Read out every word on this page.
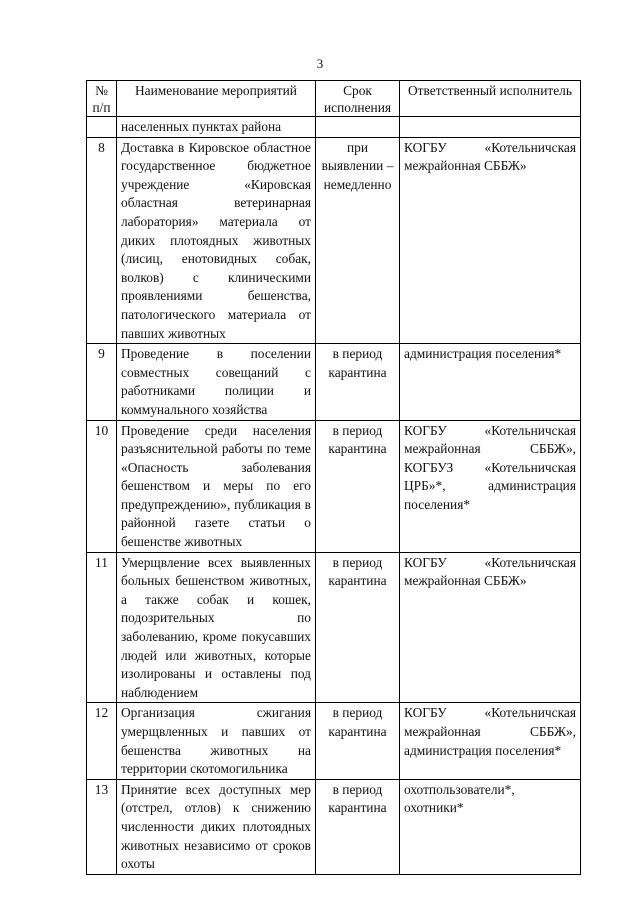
3
№ п/п	Наименование мероприятий	Срок исполнения	Ответственный исполнитель
	населенных пунктах района		
8	Доставка в Кировское областное государственное бюджетное учреждение «Кировская областная ветеринарная лаборатория» материала от диких плотоядных животных (лисиц, енотовидных собак, волков) с клиническими проявлениями бешенства, патологического материала от павших животных	при выявлении – немедленно	КОГБУ «Котельничская межрайонная СББЖ»
9	Проведение в поселении совместных совещаний с работниками полиции и коммунального хозяйства	в период карантина	администрация поселения*
10	Проведение среди населения разъяснительной работы по теме «Опасность заболевания бешенством и меры по его предупреждению», публикация в районной газете статьи о бешенстве животных	в период карантина	КОГБУ «Котельничская межрайонная СББЖ», КОГБУЗ «Котельничская ЦРБ»*, администрация поселения*
11	Умерщвление всех выявленных больных бешенством животных, а также собак и кошек, подозрительных по заболеванию, кроме покусавших людей или животных, которые изолированы и оставлены под наблюдением	в период карантина	КОГБУ «Котельничская межрайонная СББЖ»
12	Организация сжигания умерщвленных и павших от бешенства животных на территории скотомогильника	в период карантина	КОГБУ «Котельничская межрайонная СББЖ», администрация поселения*
13	Принятие всех доступных мер (отстрел, отлов) к снижению численности диких плотоядных животных независимо от сроков охоты	в период карантина	охотпользователи*, охотники*
